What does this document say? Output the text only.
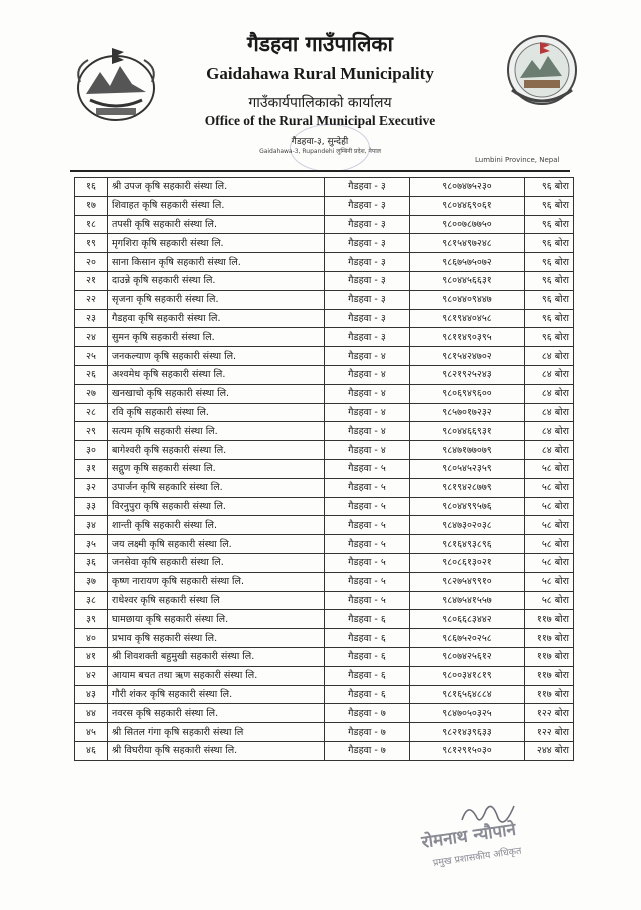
गैडहवा गाउँपालिका
Gaidahawa Rural Municipality
गाउँकार्यपालिकाको कार्यालय
Office of the Rural Municipal Executive
गैडहवा-३, सुन्देही
Gaidahawa-3, Rupandehi लुम्बिनी प्रदेश, नेपाल
Lumbini Province, Nepal
१६	श्री उपज कृषि सहकारी संस्था लि.	गैडहवा - ३	९८०७४७५२३०	९६ बोरा
१७	शिवाहत कृषि सहकारी संस्था लि.	गैडहवा - ३	९८०४४६९०६१	९६ बोरा
१८	तपसी कृषि सहकारी संस्था लि.	गैडहवा - ३	९८००७८७७५०	९६ बोरा
१९	मृगशिरा कृषि सहकारी संस्था लि.	गैडहवा - ३	९८१५४९७२४८	९६ बोरा
२०	साना किसान कृषि सहकारी संस्था लि.	गैडहवा - ३	९८६७५७५०७२	९६ बोरा
२१	दाउन्ने कृषि सहकारी संस्था लि.	गैडहवा - ३	९८०४४५६६३१	९६ बोरा
२२	सृजना कृषि सहकारी संस्था लि.	गैडहवा - ३	९८०४४०९४४७	९६ बोरा
२३	गैडहवा कृषि सहकारी संस्था लि.	गैडहवा - ३	९८१९४४०४५८	९६ बोरा
२४	सुमन कृषि सहकारी संस्था लि.	गैडहवा - ३	९८११४९०३९५	९६ बोरा
२५	जनकल्याण कृषि सहकारी संस्था लि.	गैडहवा - ४	९८१५४२४७०२	८४ बोरा
२६	अश्वमेध कृषि सहकारी संस्था लि.	गैडहवा - ४	९८२१९२५२४३	८४ बोरा
२७	खनखाचो कृषि सहकारी संस्था लि.	गैडहवा - ४	९८०६९४९६००	८४ बोरा
२८	रवि कृषि सहकारी संस्था लि.	गैडहवा - ४	९८५७०१७२३२	८४ बोरा
२९	सत्यम कृषि सहकारी संस्था लि.	गैडहवा - ४	९८०४४६६९३१	८४ बोरा
३०	बागेश्वरी कृषि सहकारी संस्था लि.	गैडहवा - ४	९८४७१७७०७९	८४ बोरा
३१	सद्गुण कृषि सहकारी संस्था लि.	गैडहवा - ५	९८०५४५२३५९	५८ बोरा
३२	उपार्जन कृषि सहकारि संस्था लि.	गैडहवा - ५	९८१९४२८७७९	५८ बोरा
३३	विरनुपुरा कृषि सहकारी संस्था लि.	गैडहवा - ५	९८०४४९९५७६	५८ बोरा
३४	शान्ती कृषि सहकारी संस्था लि.	गैडहवा - ५	९८४७३०२०३८	५८ बोरा
३५	जय लक्ष्मी कृषि सहकारी संस्था लि.	गैडहवा - ५	९८१६४९३८९६	५८ बोरा
३६	जनसेवा कृषि सहकारी संस्था लि.	गैडहवा - ५	९८०८६१३०२१	५८ बोरा
३७	कृष्ण नारायण कृषि सहकारी संस्था लि.	गैडहवा - ५	९८२७५४९९१०	५८ बोरा
३८	राधेश्वर कृषि सहकारी संस्था लि	गैडहवा - ५	९८४७५४१५५७	५८ बोरा
३९	घामछाया कृषि सहकारी संस्था लि.	गैडहवा - ६	९८०६६८३४४२	११७ बोरा
४०	प्रभाव कृषि सहकारी संस्था लि.	गैडहवा - ६	९८६७५२०२५८	११७ बोरा
४१	श्री शिवशक्ती बहुमुखी सहकारी संस्था लि.	गैडहवा - ६	९८०७४२५६१२	११७ बोरा
४२	आयाम बचत तथा ऋण सहकारी संस्था लि.	गैडहवा - ६	९८००३४१८१९	११७ बोरा
४३	गौरी शंकर कृषि सहकारी संस्था लि.	गैडहवा - ६	९८१६५६४८८४	११७ बोरा
४४	नवरस कृषि सहकारी संस्था लि.	गैडहवा - ७	९८४७०५०३२५	१२२ बोरा
४५	श्री सितल गंगा कृषि सहकारी संस्था लि	गैडहवा - ७	९८२१४३९६३३	१२२ बोरा
४६	श्री विघरीया कृषि सहकारी संस्था लि.	गैडहवा - ७	९८१२९१५०३०	२४४ बोरा
रोमनाथ न्यौपाने
प्रमुख प्रशासकीय अधिकृत
